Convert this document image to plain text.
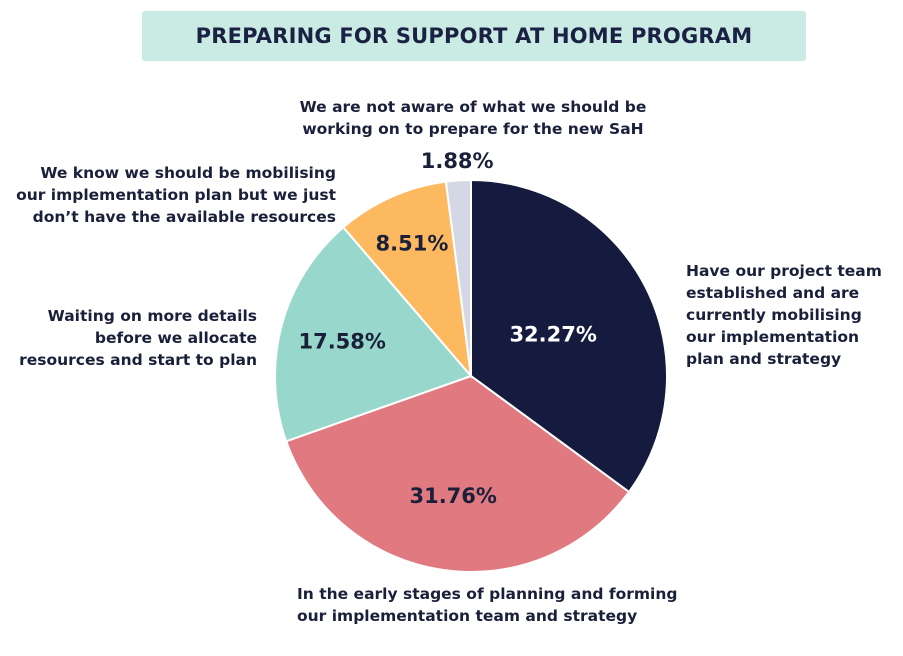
PREPARING FOR SUPPORT AT HOME PROGRAM
32.27%
31.76%
17.58%
8.51%
1.88%
Have our project team
established and are
currently mobilising
our implementation
plan and strategy
In the early stages of planning and forming
our implementation team and strategy
Waiting on more details
before we allocate
resources and start to plan
We know we should be mobilising
our implementation plan but we just
don’t have the available resources
We are not aware of what we should be
working on to prepare for the new SaH
